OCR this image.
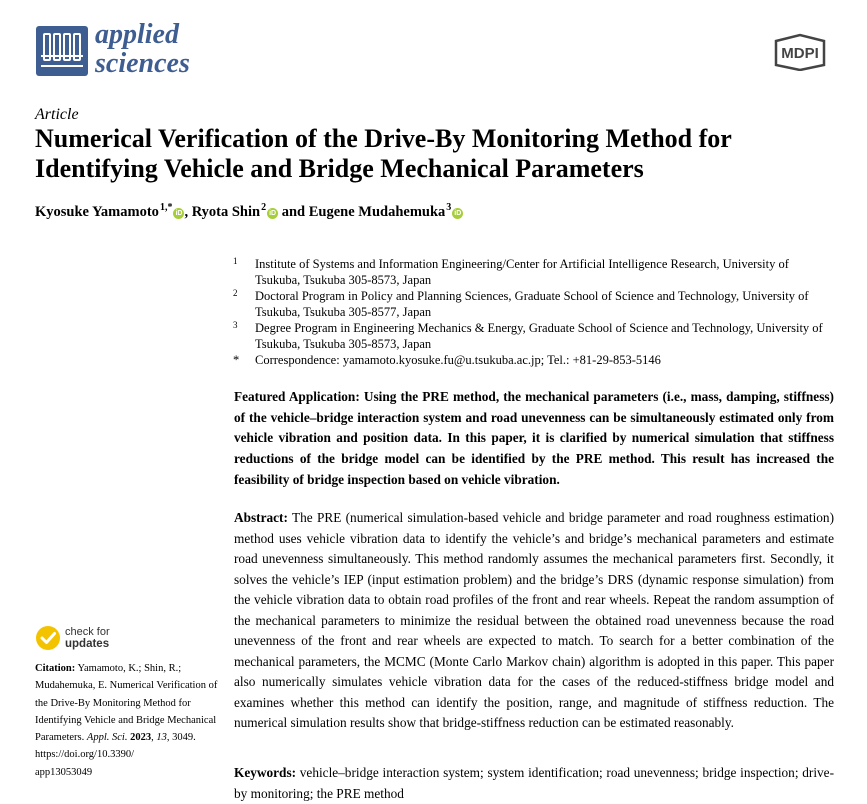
applied
sciences	MDPI
Article
Numerical Verification of the Drive-By Monitoring Method for Identifying Vehicle and Bridge Mechanical Parameters
Kyosuke Yamamoto$^{1,*}$iD , Ryota Shin$^2$iD and Eugene Mudahemuka$^3$iD
1 Institute of Systems and Information Engineering/Center for Artificial Intelligence Research, University of Tsukuba, Tsukuba 305-8573, Japan
2 Doctoral Program in Policy and Planning Sciences, Graduate School of Science and Technology, University of Tsukuba, Tsukuba 305-8577, Japan
3 Degree Program in Engineering Mechanics & Energy, Graduate School of Science and Technology, University of Tsukuba, Tsukuba 305-8573, Japan
* Correspondence: yamamoto.kyosuke.fu@u.tsukuba.ac.jp; Tel.: +81-29-853-5146
Featured Application: Using the PRE method, the mechanical parameters (i.e., mass, damping, stiffness) of the vehicle–bridge interaction system and road unevenness can be simultaneously estimated only from vehicle vibration and position data. In this paper, it is clarified by numerical simulation that stiffness reductions of the bridge model can be identified by the PRE method. This result has increased the feasibility of bridge inspection based on vehicle vibration.
Abstract: The PRE (numerical simulation-based vehicle and bridge parameter and road roughness estimation) method uses vehicle vibration data to identify the vehicle’s and bridge’s mechanical parameters and estimate road unevenness simultaneously. This method randomly assumes the mechanical parameters first. Secondly, it solves the vehicle’s IEP (input estimation problem) and the bridge’s DRS (dynamic response simulation) from the vehicle vibration data to obtain road profiles of the front and rear wheels. Repeat the random assumption of the mechanical parameters to minimize the residual between the obtained road unevenness because the road unevenness of the front and rear wheels are expected to match. To search for a better combination of the mechanical parameters, the MCMC (Monte Carlo Markov chain) algorithm is adopted in this paper. This paper also numerically simulates vehicle vibration data for the cases of the reduced-stiffness bridge model and examines whether this method can identify the position, range, and magnitude of stiffness reduction. The numerical simulation results show that bridge-stiffness reduction can be estimated reasonably.
Keywords: vehicle–bridge interaction system; system identification; road unevenness; bridge inspection; drive-by monitoring; the PRE method
check for
updates
Citation: Yamamoto, K.; Shin, R.; Mudahemuka, E. Numerical Verification of the Drive-By Monitoring Method for Identifying Vehicle and Bridge Mechanical Parameters. Appl. Sci. 2023, 13, 3049.
https://doi.org/10.3390/
app13053049
